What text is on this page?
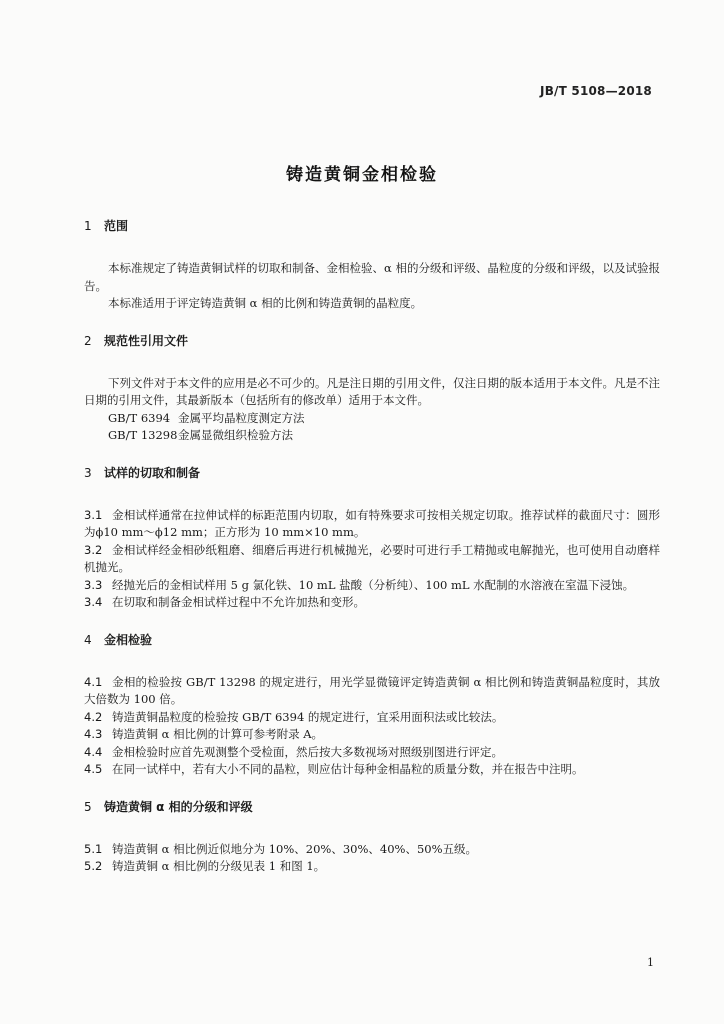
JB/T 5108—2018
铸造黄铜金相检验

1 范围

本标准规定了铸造黄铜试样的切取和制备、金相检验、α 相的分级和评级、晶粒度的分级和评级，以及试验报告。

本标准适用于评定铸造黄铜 α 相的比例和铸造黄铜的晶粒度。

2 规范性引用文件

下列文件对于本文件的应用是必不可少的。凡是注日期的引用文件，仅注日期的版本适用于本文件。凡是不注日期的引用文件，其最新版本（包括所有的修改单）适用于本文件。

GB/T 6394 金属平均晶粒度测定方法

GB/T 13298金属显微组织检验方法

3 试样的切取和制备

3.1 金相试样通常在拉伸试样的标距范围内切取，如有特殊要求可按相关规定切取。推荐试样的截面尺寸：圆形为ϕ10 mm～ϕ12 mm；正方形为 10 mm×10 mm。

3.2 金相试样经金相砂纸粗磨、细磨后再进行机械抛光，必要时可进行手工精抛或电解抛光，也可使用自动磨样机抛光。

3.3 经抛光后的金相试样用 5 g 氯化铁、10 mL 盐酸（分析纯）、100 mL 水配制的水溶液在室温下浸蚀。

3.4 在切取和制备金相试样过程中不允许加热和变形。

4 金相检验

4.1 金相的检验按 GB/T 13298 的规定进行，用光学显微镜评定铸造黄铜 α 相比例和铸造黄铜晶粒度时，其放大倍数为 100 倍。

4.2 铸造黄铜晶粒度的检验按 GB/T 6394 的规定进行，宜采用面积法或比较法。

4.3 铸造黄铜 α 相比例的计算可参考附录 A。

4.4 金相检验时应首先观测整个受检面，然后按大多数视场对照级别图进行评定。

4.5 在同一试样中，若有大小不同的晶粒，则应估计每种金相晶粒的质量分数，并在报告中注明。

5 铸造黄铜 α 相的分级和评级

5.1 铸造黄铜 α 相比例近似地分为 10%、20%、30%、40%、50%五级。

5.2 铸造黄铜 α 相比例的分级见表 1 和图 1。

1
